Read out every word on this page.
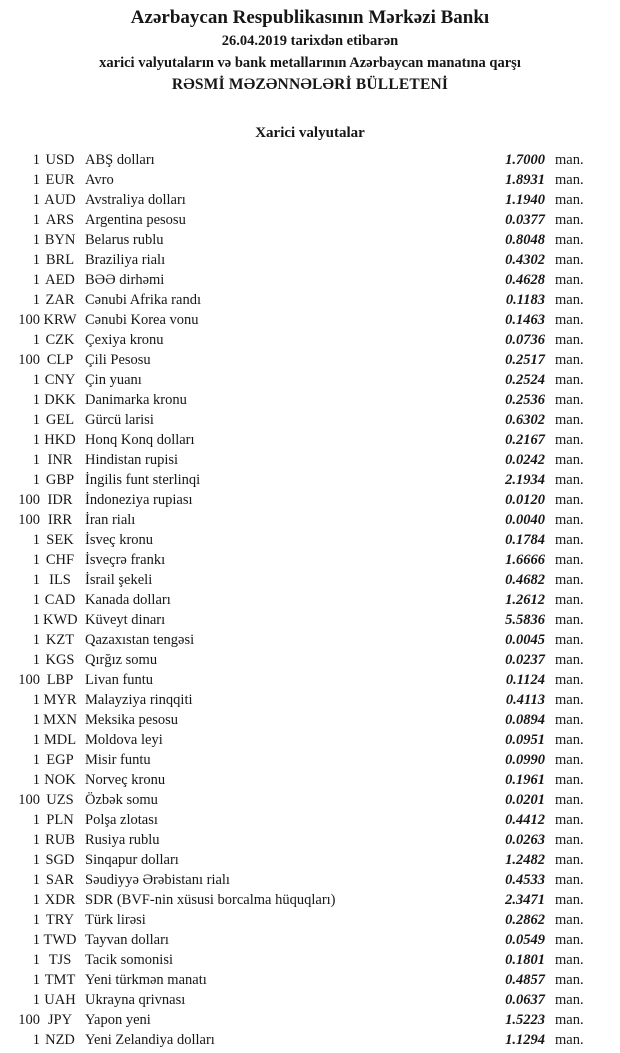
Azərbaycan Respublikasının Mərkəzi Bankı
26.04.2019 tarixdən etibarən
xarici valyutaların və bank metallarının Azərbaycan manatına qarşı
RƏSMİ MƏZƏNNƏLƏRİ BÜLLETENİ
Xarici valyutalar
1 USD ABŞ dolları	1.7000 man.
1 EUR Avro	1.8931 man.
1 AUD Avstraliya dolları	1.1940 man.
1 ARS Argentina pesosu	0.0377 man.
1 BYN Belarus rublu	0.8048 man.
1 BRL Braziliya rialı	0.4302 man.
1 AED BƏƏ dirhəmi	0.4628 man.
1 ZAR Cənubi Afrika randı	0.1183 man.
100 KRW Cənubi Korea vonu	0.1463 man.
1 CZK Çexiya kronu	0.0736 man.
100 CLP Çili Pesosu	0.2517 man.
1 CNY Çin yuanı	0.2524 man.
1 DKK Danimarka kronu	0.2536 man.
1 GEL Gürcü larisi	0.6302 man.
1 HKD Honq Konq dolları	0.2167 man.
1 INR Hindistan rupisi	0.0242 man.
1 GBP İngilis funt sterlinqi	2.1934 man.
100 IDR İndoneziya rupiası	0.0120 man.
100 IRR İran rialı	0.0040 man.
1 SEK İsveç kronu	0.1784 man.
1 CHF İsveçrə frankı	1.6666 man.
1 ILS İsrail şekeli	0.4682 man.
1 CAD Kanada dolları	1.2612 man.
1 KWD Küveyt dinarı	5.5836 man.
1 KZT Qazaxıstan tengəsi	0.0045 man.
1 KGS Qırğız somu	0.0237 man.
100 LBP Livan funtu	0.1124 man.
1 MYR Malayziya rinqqiti	0.4113 man.
1 MXN Meksika pesosu	0.0894 man.
1 MDL Moldova leyi	0.0951 man.
1 EGP Misir funtu	0.0990 man.
1 NOK Norveç kronu	0.1961 man.
100 UZS Özbək somu	0.0201 man.
1 PLN Polşa zlotası	0.4412 man.
1 RUB Rusiya rublu	0.0263 man.
1 SGD Sinqapur dolları	1.2482 man.
1 SAR Səudiyyə Ərəbistanı rialı	0.4533 man.
1 XDR SDR (BVF-nin xüsusi borcalma hüquqları)	2.3471 man.
1 TRY Türk lirəsi	0.2862 man.
1 TWD Tayvan dolları	0.0549 man.
1 TJS Tacik somonisi	0.1801 man.
1 TMT Yeni türkmən manatı	0.4857 man.
1 UAH Ukrayna qrivnası	0.0637 man.
100 JPY Yapon yeni	1.5223 man.
1 NZD Yeni Zelandiya dolları	1.1294 man.
